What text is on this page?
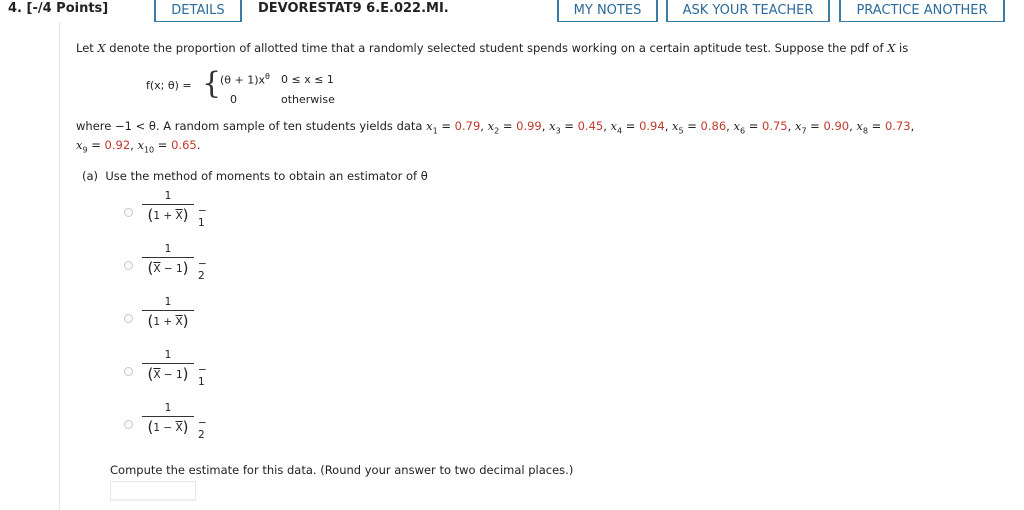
4. [-/4 Points]	DETAILS	DEVORESTAT9 6.E.022.MI.	MY NOTES	ASK YOUR TEACHER	PRACTICE ANOTHER
Let X denote the proportion of allotted time that a randomly selected student spends working on a certain aptitude test. Suppose the pdf of X is
f(x; θ) = {
$(\theta + 1)x^\theta$ 0 ≤ x ≤ 1
0	otherwise
where −1 < θ. A random sample of ten students yields data $x_1 = 0.79$, $x_2 = 0.99$, $x_3 = 0.45$, $x_4 = 0.94$, $x_5 = 0.86$, $x_6 = 0.75$, $x_7 = 0.90$, $x_8 = 0.73$,
$x_9 = 0.92$, $x_{10} = 0.65$.
(a) Use the method of moments to obtain an estimator of θ
1
$(1 + \overline{X}) - 1$
1
$(\overline{X} - 1) - 2$
1
$(1 + \overline{X})$
1
$(\overline{X} - 1) - 1$
1
$(1 - \overline{X}) - 2$
Compute the estimate for this data. (Round your answer to two decimal places.)
